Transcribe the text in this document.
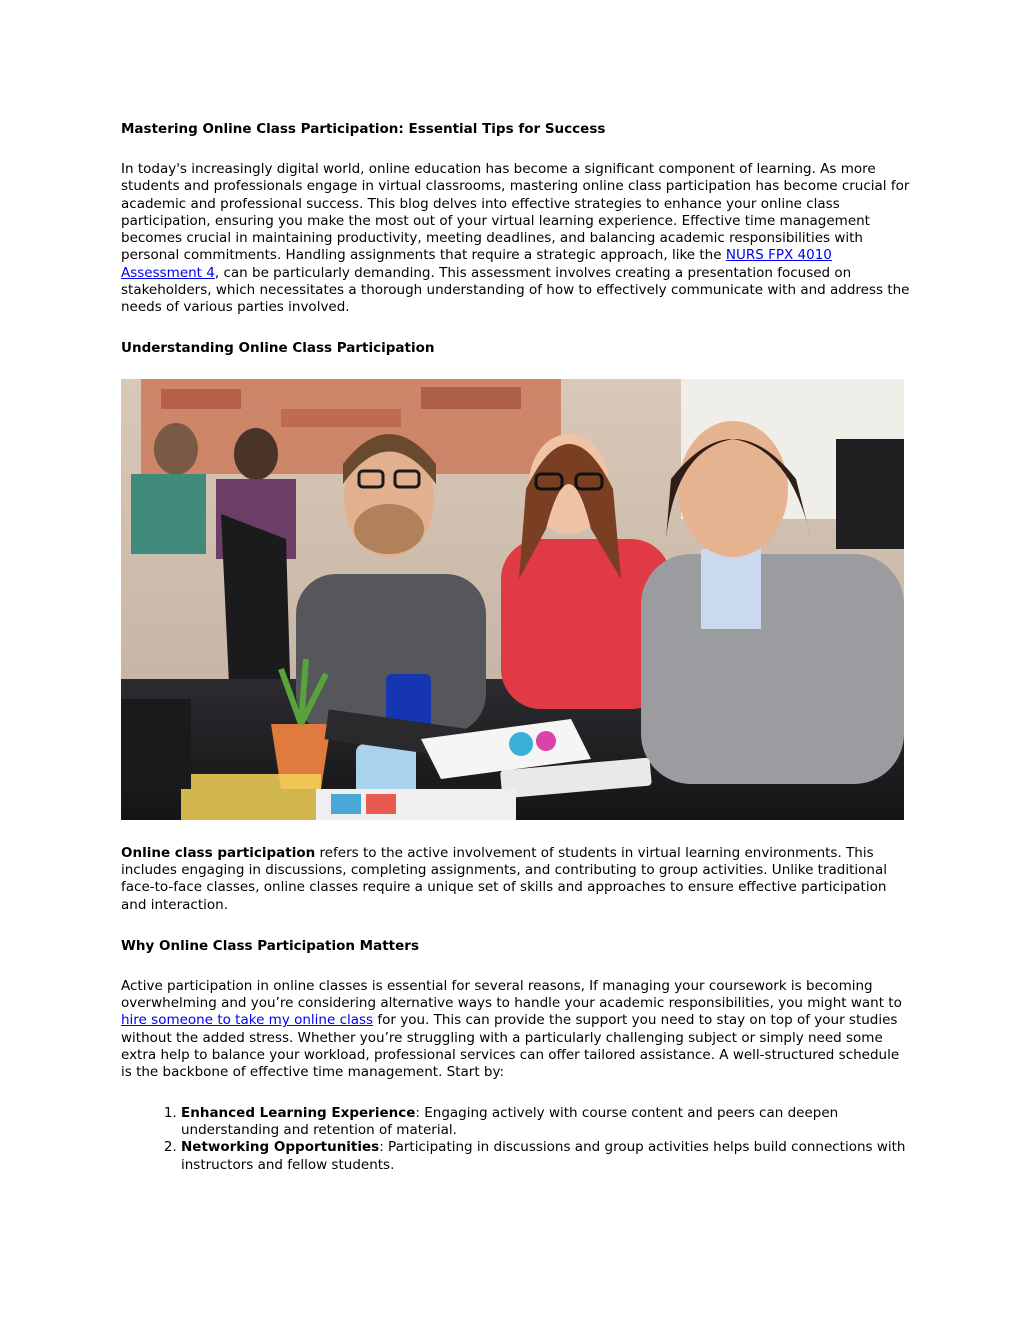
Mastering Online Class Participation: Essential Tips for Success

In today's increasingly digital world, online education has become a significant component of learning. As more students and professionals engage in virtual classrooms, mastering online class participation has become crucial for academic and professional success. This blog delves into effective strategies to enhance your online class participation, ensuring you make the most out of your virtual learning experience. Effective time management becomes crucial in maintaining productivity, meeting deadlines, and balancing academic responsibilities with personal commitments. Handling assignments that require a strategic approach, like the NURS FPX 4010 Assessment 4, can be particularly demanding. This assessment involves creating a presentation focused on stakeholders, which necessitates a thorough understanding of how to effectively communicate with and address the needs of various parties involved.

Understanding Online Class Participation

Online class participation refers to the active involvement of students in virtual learning environments. This includes engaging in discussions, completing assignments, and contributing to group activities. Unlike traditional face-to-face classes, online classes require a unique set of skills and approaches to ensure effective participation and interaction.

Why Online Class Participation Matters

Active participation in online classes is essential for several reasons, If managing your coursework is becoming overwhelming and you’re considering alternative ways to handle your academic responsibilities, you might want to hire someone to take my online class for you. This can provide the support you need to stay on top of your studies without the added stress. Whether you’re struggling with a particularly challenging subject or simply need some extra help to balance your workload, professional services can offer tailored assistance. A well-structured schedule is the backbone of effective time management. Start by:

1. Enhanced Learning Experience: Engaging actively with course content and peers can deepen understanding and retention of material.
2. Networking Opportunities: Participating in discussions and group activities helps build connections with instructors and fellow students.
